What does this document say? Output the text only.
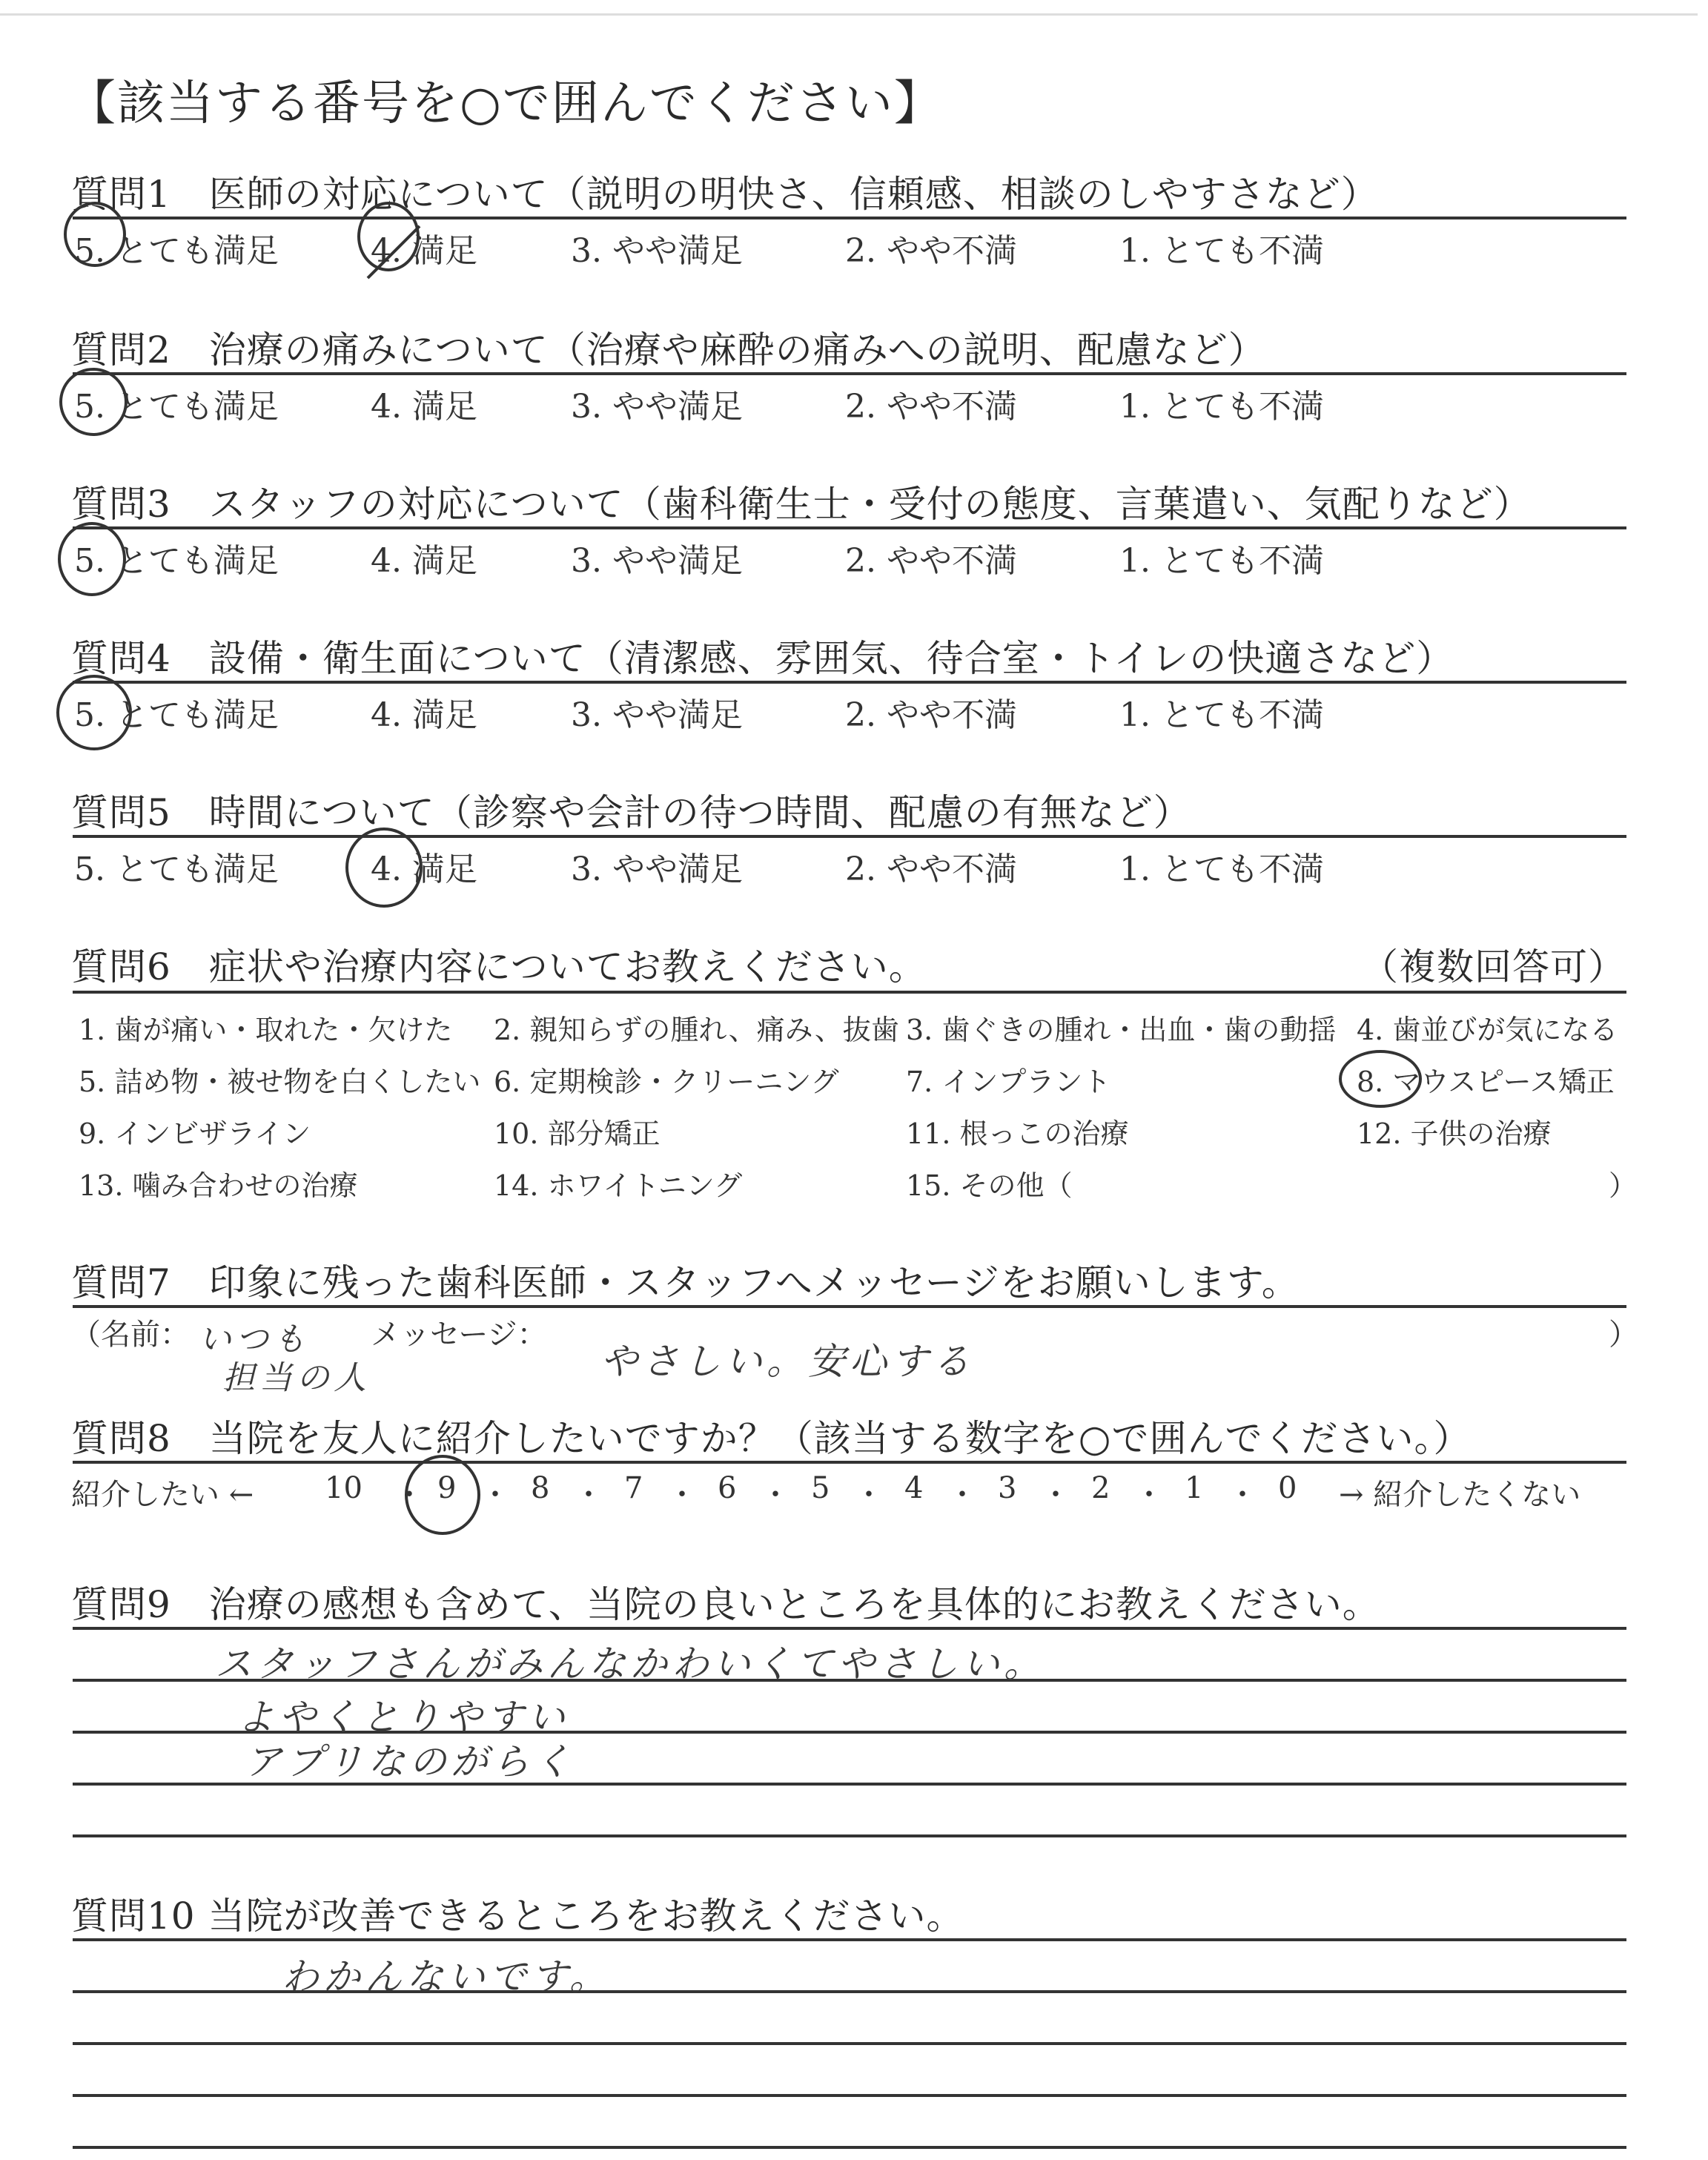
【該当する番号を○で囲んでください】
質問1　医師の対応について（説明の明快さ、信頼感、相談のしやすさなど）
5. とても満足	4. 満足	3. やや満足	2. やや不満	1. とても不満
質問2　治療の痛みについて（治療や麻酔の痛みへの説明、配慮など）
5. とても満足	4. 満足	3. やや満足	2. やや不満	1. とても不満
質問3　スタッフの対応について（歯科衛生士・受付の態度、言葉遣い、気配りなど）
5. とても満足	4. 満足	3. やや満足	2. やや不満	1. とても不満
質問4　設備・衛生面について（清潔感、雰囲気、待合室・トイレの快適さなど）
5. とても満足	4. 満足	3. やや満足	2. やや不満	1. とても不満
質問5　時間について（診察や会計の待つ時間、配慮の有無など）
5. とても満足	4. 満足	3. やや満足	2. やや不満	1. とても不満
質問6　症状や治療内容についてお教えください。	（複数回答可）
1. 歯が痛い・取れた・欠けた 2. 親知らずの腫れ、痛み、抜歯 3. 歯ぐきの腫れ・出血・歯の動揺 4. 歯並びが気になる
5. 詰め物・被せ物を白くしたい 6. 定期検診・クリーニング 7. インプラント	8. マウスピース矯正
9. インビザライン	10. 部分矯正	11. 根っこの治療	12. 子供の治療
13. 噛み合わせの治療	14. ホワイトニング	15. その他（	）
質問7　印象に残った歯科医師・スタッフへメッセージをお願いします。
（名前：	メッセージ：	）
いつも
担当の人	やさしい。安心する
質問8　当院を友人に紹介したいですか？（該当する数字を○で囲んでください。）
紹介したい ← 10 ・ 9 ・ 8 ・ 7 ・ 6 ・ 5 ・ 4 ・ 3 ・ 2 ・ 1 ・ 0 → 紹介したくない
質問9　治療の感想も含めて、当院の良いところを具体的にお教えください。
スタッフさんがみんなかわいくてやさしい。
よやくとりやすい
アプリなのがらく
質問10 当院が改善できるところをお教えください。
わかんないです。
